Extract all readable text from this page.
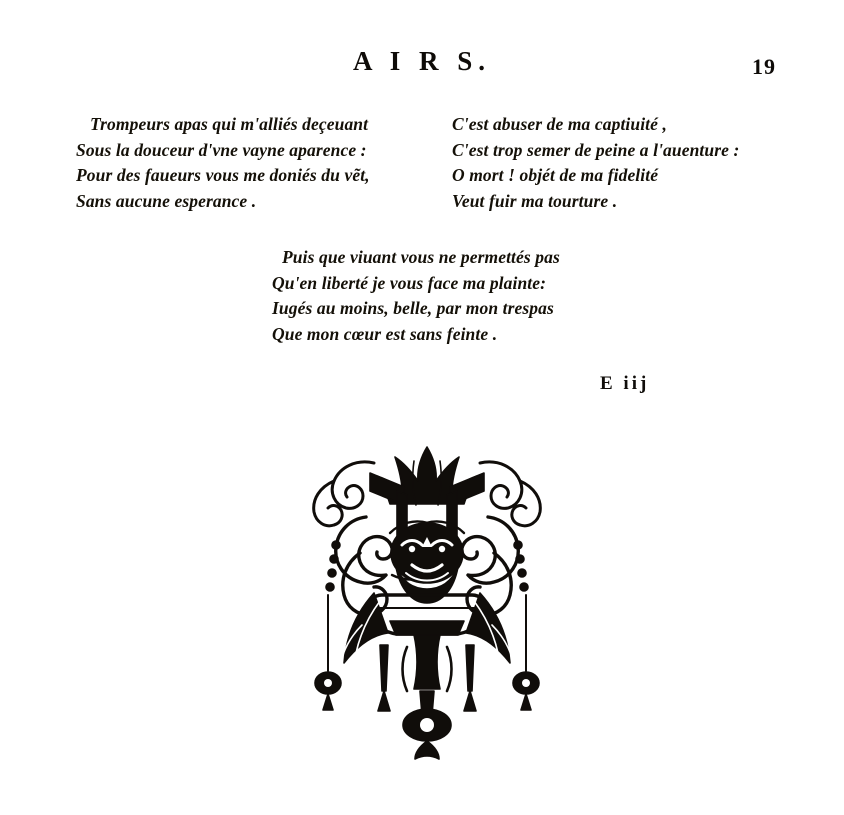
A I R S.	19
Trompeurs apas qui m'alliés deçeuant
Sous la douceur d'vne vayne aparence :
Pour des faueurs vous me doniés du vẽt,
Sans aucune esperance .
C'est abuser de ma captiuité ,
C'est trop semer de peine a l'auenture :
O mort ! objét de ma fidelité
Veut fuir ma tourture .
Puis que viuant vous ne permettés pas
Qu'en liberté je vous face ma plainte:
Iugés au moins, belle, par mon trespas
Que mon cœur est sans feinte .
E iij
